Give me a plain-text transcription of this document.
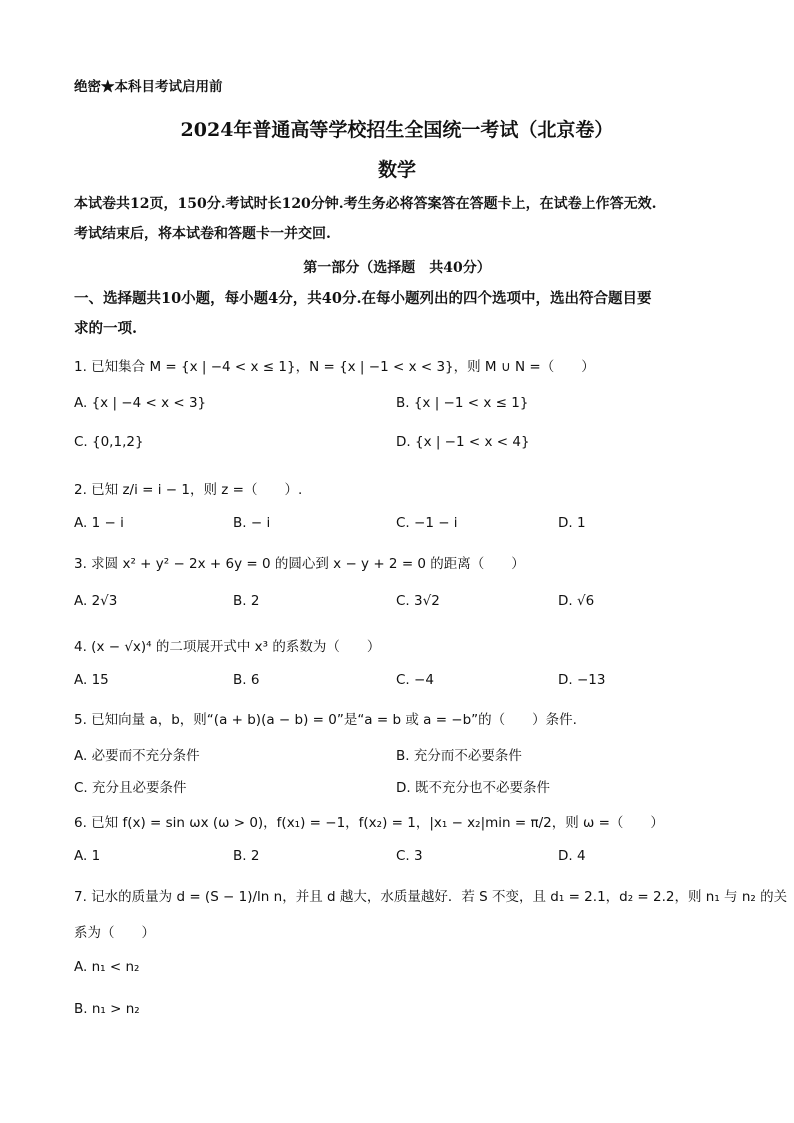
绝密★本科目考试启用前
2024年普通高等学校招生全国统一考试（北京卷）
数学
本试卷共12页，150分.考试时长120分钟.考生务必将答案答在答题卡上，在试卷上作答无效.
考试结束后，将本试卷和答题卡一并交回.
第一部分（选择题　共40分）
一、选择题共10小题，每小题4分，共40分.在每小题列出的四个选项中，选出符合题目要
求的一项.
1. 已知集合 M = {x | −4 < x ≤ 1}，N = {x | −1 < x < 3}，则 M ∪ N =（　　）
A. {x | −4 < x < 3}	B. {x | −1 < x ≤ 1}
C. {0,1,2}	D. {x | −1 < x < 4}
2. 已知 z/i = i − 1，则 z =（　　）.
A. 1 − i	B. − i	C. −1 − i	D. 1
3. 求圆 x² + y² − 2x + 6y = 0 的圆心到 x − y + 2 = 0 的距离（　　）
A. 2√3	B. 2	C. 3√2	D. √6
4. (x − √x)⁴ 的二项展开式中 x³ 的系数为（　　）
A. 15	B. 6	C. −4	D. −13
5. 已知向量 a，b，则“(a + b)(a − b) = 0”是“a = b 或 a = −b”的（　　）条件.
A. 必要而不充分条件	B. 充分而不必要条件
C. 充分且必要条件	D. 既不充分也不必要条件
6. 已知 f(x) = sin ωx (ω > 0)，f(x₁) = −1，f(x₂) = 1，|x₁ − x₂|min = π/2，则 ω =（　　）
A. 1	B. 2	C. 3	D. 4
7. 记水的质量为 d = (S − 1)/ln n，并且 d 越大，水质量越好．若 S 不变，且 d₁ = 2.1，d₂ = 2.2，则 n₁ 与 n₂ 的关
系为（　　）
A. n₁ < n₂
B. n₁ > n₂
